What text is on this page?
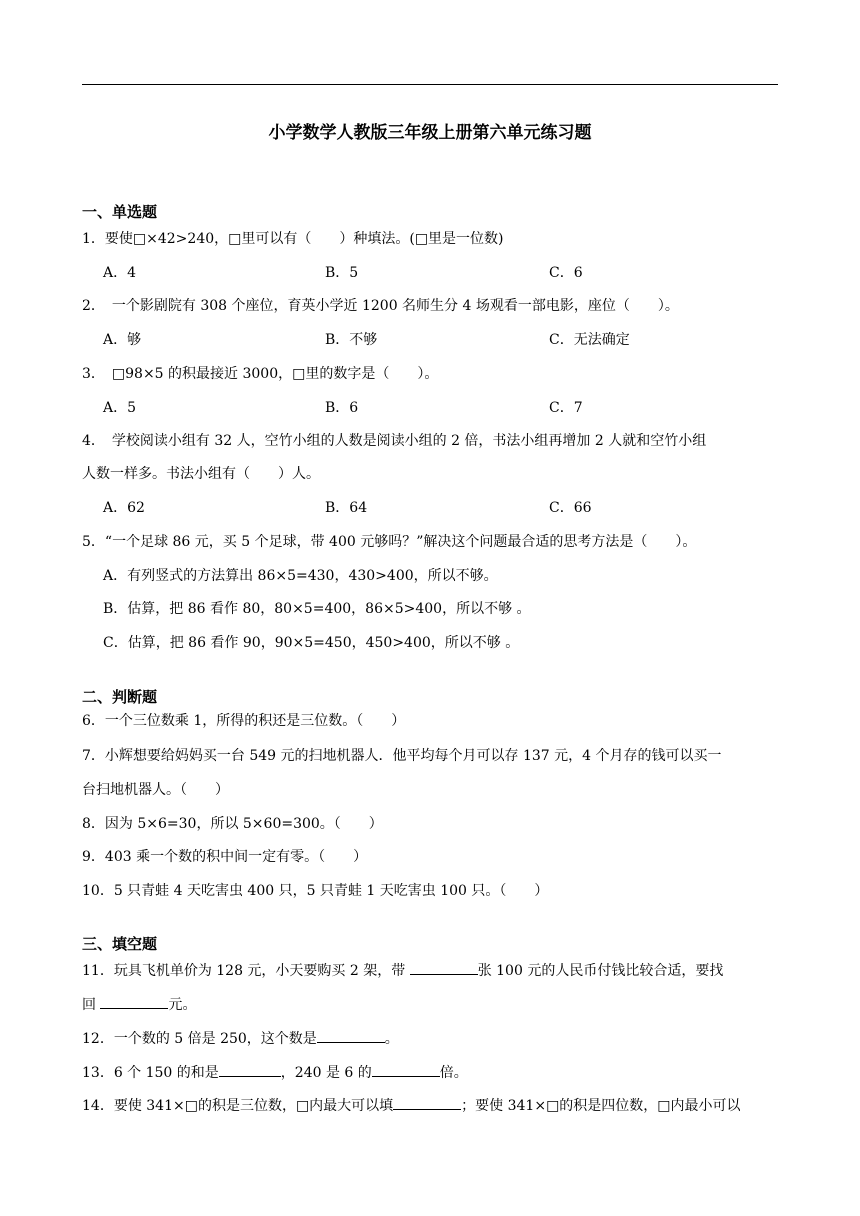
小学数学人教版三年级上册第六单元练习题
一、单选题
1．要使□×42>240，□里可以有（　　）种填法。(□里是一位数)
A．4	B．5	C．6
2．　一个影剧院有 308 个座位，育英小学近 1200 名师生分 4 场观看一部电影，座位（　　）。
A．够	B．不够	C．无法确定
3．　□98×5 的积最接近 3000，□里的数字是（　　）。
A．5	B．6	C．7
4．　学校阅读小组有 32 人，空竹小组的人数是阅读小组的 2 倍，书法小组再增加 2 人就和空竹小组
人数一样多。书法小组有（　　）人。
A．62	B．64	C．66
5．“一个足球 86 元，买 5 个足球，带 400 元够吗？”解决这个问题最合适的思考方法是（　　）。
A．有列竖式的方法算出 86×5=430，430>400，所以不够。
B．估算，把 86 看作 80，80×5=400，86×5>400，所以不够 。
C．估算，把 86 看作 90，90×5=450，450>400，所以不够 。
二、判断题
6．一个三位数乘 1，所得的积还是三位数。（　　）
7．小辉想要给妈妈买一台 549 元的扫地机器人．他平均每个月可以存 137 元，4 个月存的钱可以买一
台扫地机器人。（　　）
8．因为 5×6=30，所以 5×60=300。（　　）
9．403 乘一个数的积中间一定有零。（　　）
10．5 只青蛙 4 天吃害虫 400 只，5 只青蛙 1 天吃害虫 100 只。（　　）
三、填空题
11．玩具飞机单价为 128 元，小天要购买 2 架，带	张 100 元的人民币付钱比较合适，要找
回	元。
12．一个数的 5 倍是 250，这个数是	。
13．6 个 150 的和是	，240 是 6 的	倍。
14．要使 341×□的积是三位数，□内最大可以填	；要使 341×□的积是四位数，□内最小可以
